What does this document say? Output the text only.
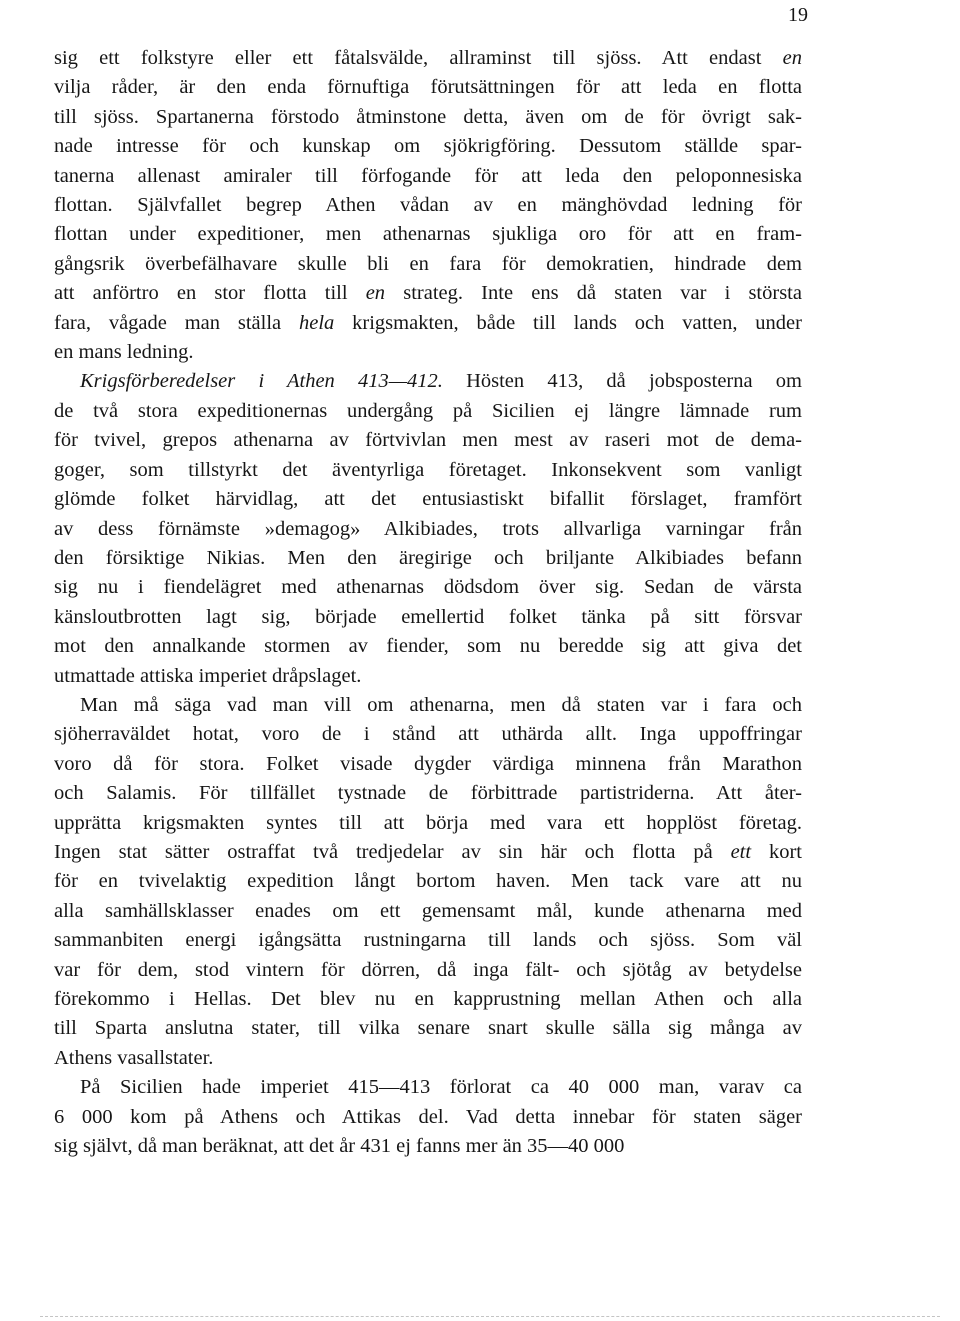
19
sig ett folkstyre eller ett fåtalsvälde, allraminst till sjöss. Att endast en
vilja råder, är den enda förnuftiga förutsättningen för att leda en flotta
till sjöss. Spartanerna förstodo åtminstone detta, även om de för övrigt sak-
nade intresse för och kunskap om sjökrigföring. Dessutom ställde spar-
tanerna allenast amiraler till förfogande för att leda den peloponnesiska
flottan. Självfallet begrep Athen vådan av en mänghövdad ledning för
flottan under expeditioner, men athenarnas sjukliga oro för att en fram-
gångsrik överbefälhavare skulle bli en fara för demokratien, hindrade dem
att anförtro en stor flotta till en strateg. Inte ens då staten var i största
fara, vågade man ställa hela krigsmakten, både till lands och vatten, under
en mans ledning.
Krigsförberedelser i Athen 413—412. Hösten 413, då jobsposterna om
de två stora expeditionernas undergång på Sicilien ej längre lämnade rum
för tvivel, grepos athenarna av förtvivlan men mest av raseri mot de dema-
goger, som tillstyrkt det äventyrliga företaget. Inkonsekvent som vanligt
glömde folket härvidlag, att det entusiastiskt bifallit förslaget, framfört
av dess förnämste »demagog» Alkibiades, trots allvarliga varningar från
den försiktige Nikias. Men den äregirige och briljante Alkibiades befann
sig nu i fiendelägret med athenarnas dödsdom över sig. Sedan de värsta
känsloutbrotten lagt sig, började emellertid folket tänka på sitt försvar
mot den annalkande stormen av fiender, som nu beredde sig att giva det
utmattade attiska imperiet dråpslaget.
Man må säga vad man vill om athenarna, men då staten var i fara och
sjöherraväldet hotat, voro de i stånd att uthärda allt. Inga uppoffringar
voro då för stora. Folket visade dygder värdiga minnena från Marathon
och Salamis. För tillfället tystnade de förbittrade partistriderna. Att åter-
upprätta krigsmakten syntes till att börja med vara ett hopplöst företag.
Ingen stat sätter ostraffat två tredjedelar av sin här och flotta på ett kort
för en tvivelaktig expedition långt bortom haven. Men tack vare att nu
alla samhällsklasser enades om ett gemensamt mål, kunde athenarna med
sammanbiten energi igångsätta rustningarna till lands och sjöss. Som väl
var för dem, stod vintern för dörren, då inga fält- och sjötåg av betydelse
förekommo i Hellas. Det blev nu en kapprustning mellan Athen och alla
till Sparta anslutna stater, till vilka senare snart skulle sälla sig många av
Athens vasallstater.
På Sicilien hade imperiet 415—413 förlorat ca 40 000 man, varav ca
6 000 kom på Athens och Attikas del. Vad detta innebar för staten säger
sig självt, då man beräknat, att det år 431 ej fanns mer än 35—40 000
